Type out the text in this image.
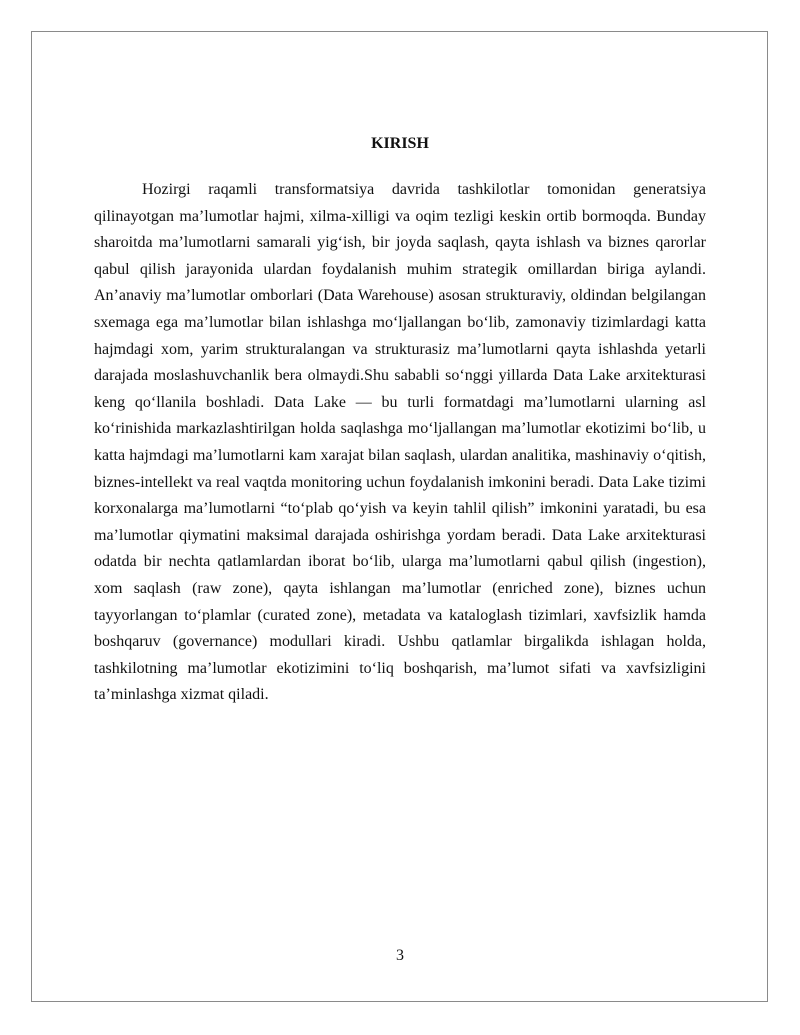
KIRISH

Hozirgi raqamli transformatsiya davrida tashkilotlar tomonidan generatsiya qilinayotgan ma’lumotlar hajmi, xilma-xilligi va oqim tezligi keskin ortib bormoqda. Bunday sharoitda ma’lumotlarni samarali yig‘ish, bir joyda saqlash, qayta ishlash va biznes qarorlar qabul qilish jarayonida ulardan foydalanish muhim strategik omillardan biriga aylandi. An’anaviy ma’lumotlar omborlari (Data Warehouse) asosan strukturaviy, oldindan belgilangan sxemaga ega ma’lumotlar bilan ishlashga mo‘ljallangan bo‘lib, zamonaviy tizimlardagi katta hajmdagi xom, yarim strukturalangan va strukturasiz ma’lumotlarni qayta ishlashda yetarli darajada moslashuvchanlik bera olmaydi.Shu sababli so‘nggi yillarda Data Lake arxitekturasi keng qo‘llanila boshladi. Data Lake — bu turli formatdagi ma’lumotlarni ularning asl ko‘rinishida markazlashtirilgan holda saqlashga mo‘ljallangan ma’lumotlar ekotizimi bo‘lib, u katta hajmdagi ma’lumotlarni kam xarajat bilan saqlash, ulardan analitika, mashinaviy o‘qitish, biznes-intellekt va real vaqtda monitoring uchun foydalanish imkonini beradi. Data Lake tizimi korxonalarga ma’lumotlarni “to‘plab qo‘yish va keyin tahlil qilish” imkonini yaratadi, bu esa ma’lumotlar qiymatini maksimal darajada oshirishga yordam beradi. Data Lake arxitekturasi odatda bir nechta qatlamlardan iborat bo‘lib, ularga ma’lumotlarni qabul qilish (ingestion), xom saqlash (raw zone), qayta ishlangan ma’lumotlar (enriched zone), biznes uchun tayyorlangan to‘plamlar (curated zone), metadata va kataloglash tizimlari, xavfsizlik hamda boshqaruv (governance) modullari kiradi. Ushbu qatlamlar birgalikda ishlagan holda, tashkilotning ma’lumotlar ekotizimini to‘liq boshqarish, ma’lumot sifati va xavfsizligini ta’minlashga xizmat qiladi.

3
